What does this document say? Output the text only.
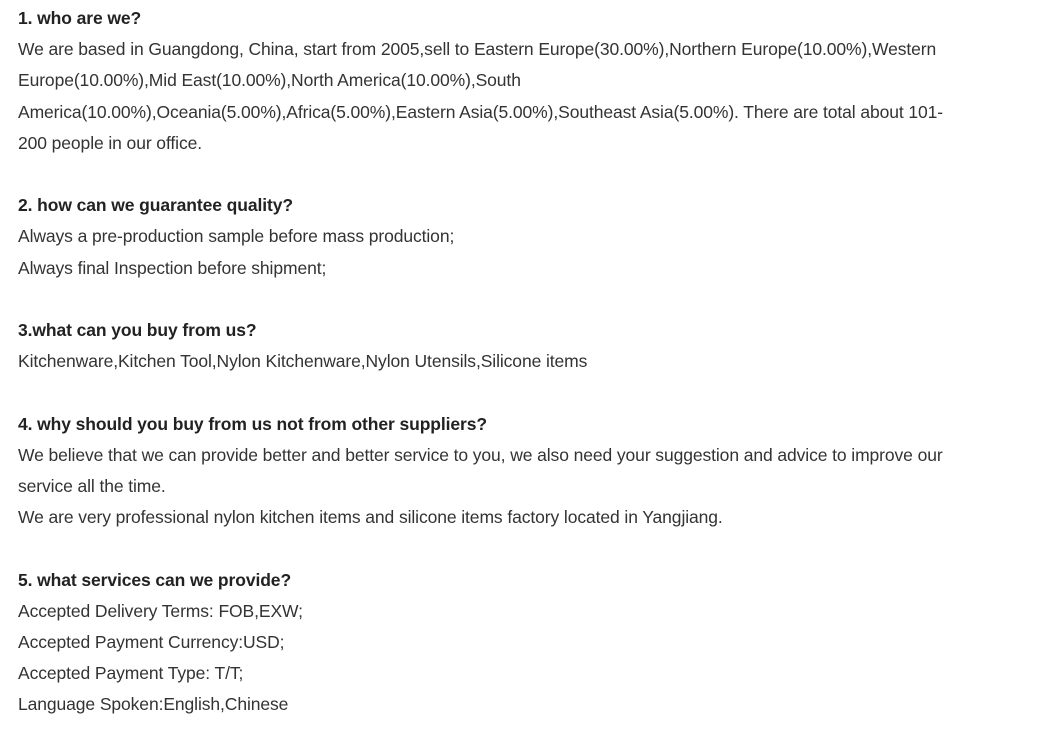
1. who are we?
We are based in Guangdong, China, start from 2005,sell to Eastern Europe(30.00%),Northern Europe(10.00%),Western Europe(10.00%),Mid East(10.00%),North America(10.00%),South America(10.00%),Oceania(5.00%),Africa(5.00%),Eastern Asia(5.00%),Southeast Asia(5.00%). There are total about 101-200 people in our office.
2. how can we guarantee quality?
Always a pre-production sample before mass production;
Always final Inspection before shipment;
3.what can you buy from us?
Kitchenware,Kitchen Tool,Nylon Kitchenware,Nylon Utensils,Silicone items
4. why should you buy from us not from other suppliers?
We believe that we can provide better and better service to you, we also need your suggestion and advice to improve our service all the time.
We are very professional nylon kitchen items and silicone items factory located in Yangjiang.
5. what services can we provide?
Accepted Delivery Terms: FOB,EXW;
Accepted Payment Currency:USD;
Accepted Payment Type: T/T;
Language Spoken:English,Chinese
